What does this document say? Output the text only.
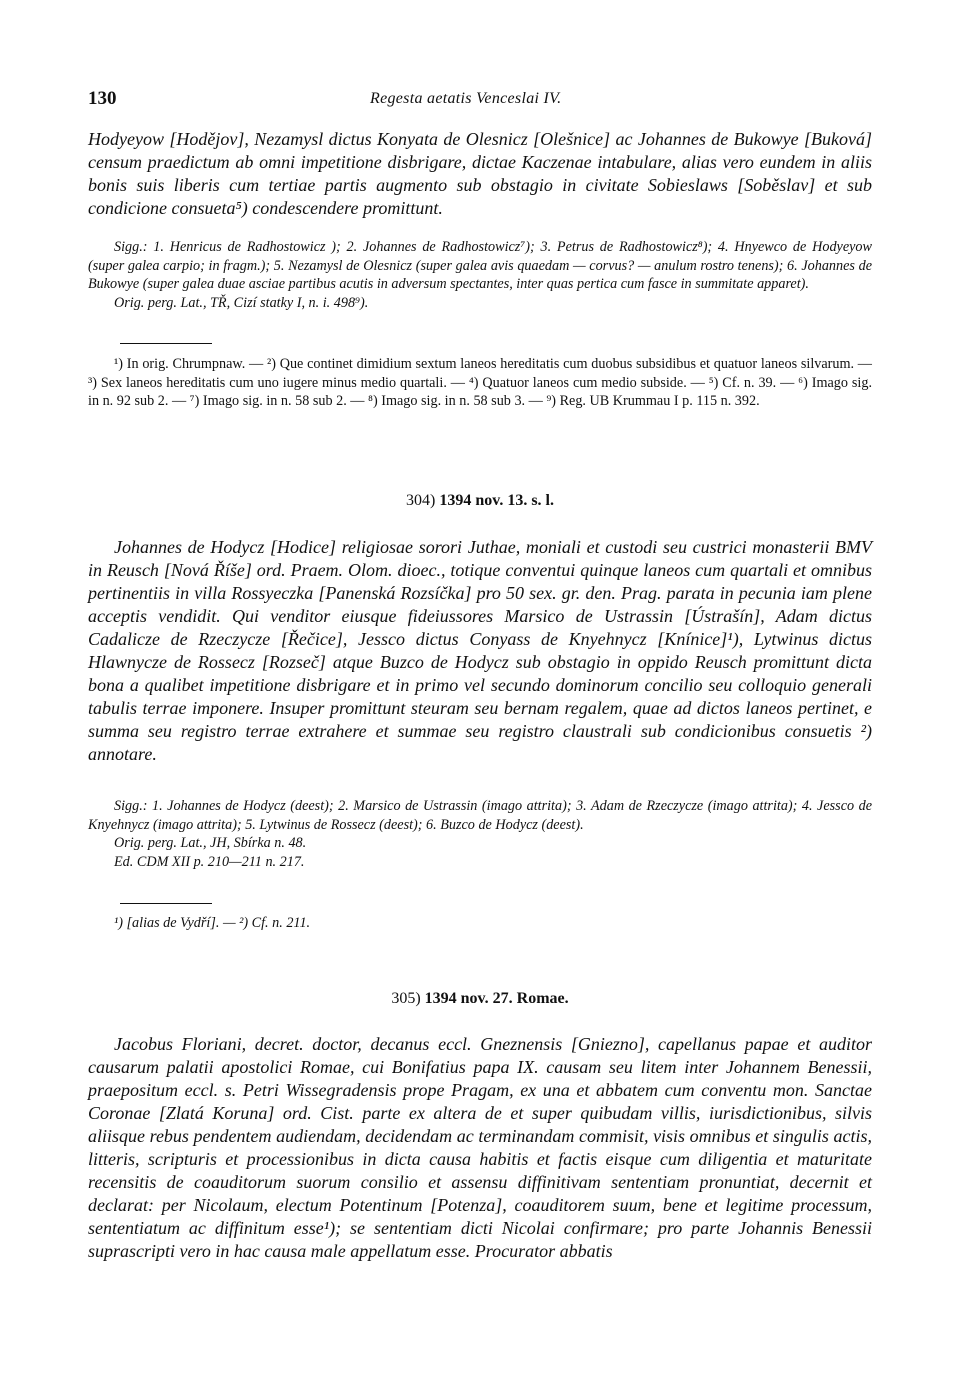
130	Regesta aetatis Venceslai IV.
Hodyeyow [Hodějov], Nezamysl dictus Konyata de Olesnicz [Olešnice] ac Johannes de Bukowye [Buková] censum praedictum ab omni impetitione disbrigare, dictae Kaczenae intabulare, alias vero eundem in aliis bonis suis liberis cum tertiae partis augmento sub obstagio in civitate Sobieslaws [Soběslav] et sub condicione consueta⁵) condescendere promittunt.

Sigg.: 1. Henricus de Radhostowicz ); 2. Johannes de Radhostowicz⁷); 3. Petrus de Radhostowicz⁸); 4. Hnyewco de Hodyeyow (super galea carpio; in fragm.); 5. Nezamysl de Olesnicz (super galea avis quaedam — corvus? — anulum rostro tenens); 6. Johannes de Bukowye (super galea duae asciae partibus acutis in adversum spectantes, inter quas pertica cum fasce in summitate apparet).

Orig. perg. Lat., TŘ, Cizí statky I, n. i. 498⁹).

¹) In orig. Chrumpnaw. — ²) Que continet dimidium sextum laneos hereditatis cum duobus subsidibus et quatuor laneos silvarum. — ³) Sex laneos hereditatis cum uno iugere minus medio quartali. — ⁴) Quatuor laneos cum medio subside. — ⁵) Cf. n. 39. — ⁶) Imago sig. in n. 92 sub 2. — ⁷) Imago sig. in n. 58 sub 2. — ⁸) Imago sig. in n. 58 sub 3. — ⁹) Reg. UB Krummau I p. 115 n. 392.

304) 1394 nov. 13. s. l.
Johannes de Hodycz [Hodice] religiosae sorori Juthae, moniali et custodi seu custrici monasterii BMV in Reusch [Nová Říše] ord. Praem. Olom. dioec., totique conventui quinque laneos cum quartali et omnibus pertinentiis in villa Rossyeczka [Panenská Rozsíčka] pro 50 sex. gr. den. Prag. parata in pecunia iam plene acceptis vendidit. Qui venditor eiusque fideiussores Marsico de Ustrassin [Ústrašín], Adam dictus Cadalicze de Rzeczycze [Řečice], Jessco dictus Conyass de Knyehnycz [Knínice]¹), Lytwinus dictus Hlawnycze de Rossecz [Rozseč] atque Buzco de Hodycz sub obstagio in oppido Reusch promittunt dicta bona a qualibet impetitione disbrigare et in primo vel secundo dominorum concilio seu colloquio generali tabulis terrae imponere. Insuper promittunt steuram seu bernam regalem, quae ad dictos laneos pertinet, e summa seu registro terrae extrahere et summae seu registro claustrali sub condicionibus consuetis ²) annotare.

Sigg.: 1. Johannes de Hodycz (deest); 2. Marsico de Ustrassin (imago attrita); 3. Adam de Rzeczycze (imago attrita); 4. Jessco de Knyehnycz (imago attrita); 5. Lytwinus de Rossecz (deest); 6. Buzco de Hodycz (deest).

Orig. perg. Lat., JH, Sbírka n. 48.

Ed. CDM XII p. 210—211 n. 217.

¹) [alias de Vydří]. — ²) Cf. n. 211.

305) 1394 nov. 27. Romae.
Jacobus Floriani, decret. doctor, decanus eccl. Gneznensis [Gniezno], capellanus papae et auditor causarum palatii apostolici Romae, cui Bonifatius papa IX. causam seu litem inter Johannem Benessii, praepositum eccl. s. Petri Wissegradensis prope Pragam, ex una et abbatem cum conventu mon. Sanctae Coronae [Zlatá Koruna] ord. Cist. parte ex altera de et super quibudam villis, iurisdictionibus, silvis aliisque rebus pendentem audiendam, decidendam ac terminandam commisit, visis omnibus et singulis actis, litteris, scripturis et processionibus in dicta causa habitis et factis eisque cum diligentia et maturitate recensitis de coauditorum suorum consilio et assensu diffinitivam sententiam pronuntiat, decernit et declarat: per Nicolaum, electum Potentinum [Potenza], coauditorem suum, bene et legitime processum, sententiatum ac diffinitum esse¹); se sententiam dicti Nicolai confirmare; pro parte Johannis Benessii suprascripti vero in hac causa male appellatum esse. Procurator abbatis
